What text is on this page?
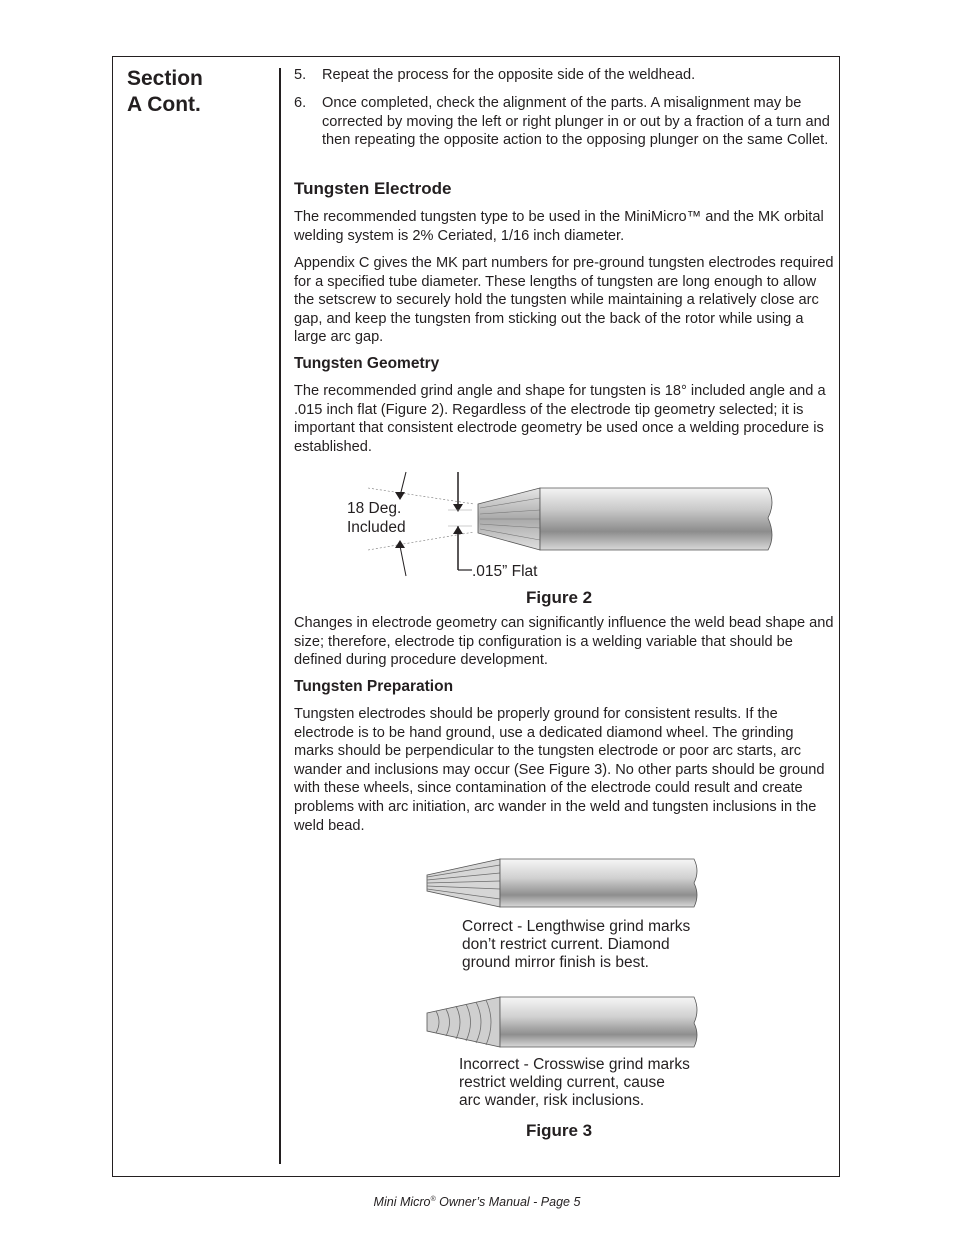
Section
A Cont.
5. Repeat the process for the opposite side of the weldhead.
6. Once completed, check the alignment of the parts. A misalignment may be corrected by moving the left or right plunger in or out by a fraction of a turn and then repeating the opposite action to the opposing plunger on the same Collet.
Tungsten Electrode
The recommended tungsten type to be used in the MiniMicro™ and the MK orbital welding system is 2% Ceriated, 1/16 inch diameter.
Appendix C gives the MK part numbers for pre-ground tungsten electrodes required for a specified tube diameter. These lengths of tungsten are long enough to allow the setscrew to securely hold the tungsten while maintaining a relatively close arc gap, and keep the tungsten from sticking out the back of the rotor while using a large arc gap.
Tungsten Geometry
The recommended grind angle and shape for tungsten is 18° included angle and a .015 inch flat (Figure 2). Regardless of the electrode tip geometry selected; it is important that consistent electrode geometry be used once a welding procedure is established.
18 Deg.
Included
.015” Flat
Figure 2
Changes in electrode geometry can significantly influence the weld bead shape and size; therefore, electrode tip configuration is a welding variable that should be defined during procedure development.
Tungsten Preparation
Tungsten electrodes should be properly ground for consistent results. If the electrode is to be hand ground, use a dedicated diamond wheel. The grinding marks should be perpendicular to the tungsten electrode or poor arc starts, arc wander and inclusions may occur (See Figure 3). No other parts should be ground with these wheels, since contamination of the electrode could result and create problems with arc initiation, arc wander in the weld and tungsten inclusions in the weld bead.
Correct - Lengthwise grind marks
don’t restrict current. Diamond
ground mirror finish is best.
Incorrect - Crosswise grind marks
restrict welding current, cause
arc wander, risk inclusions.
Figure 3
Mini Micro® Owner’s Manual - Page 5
